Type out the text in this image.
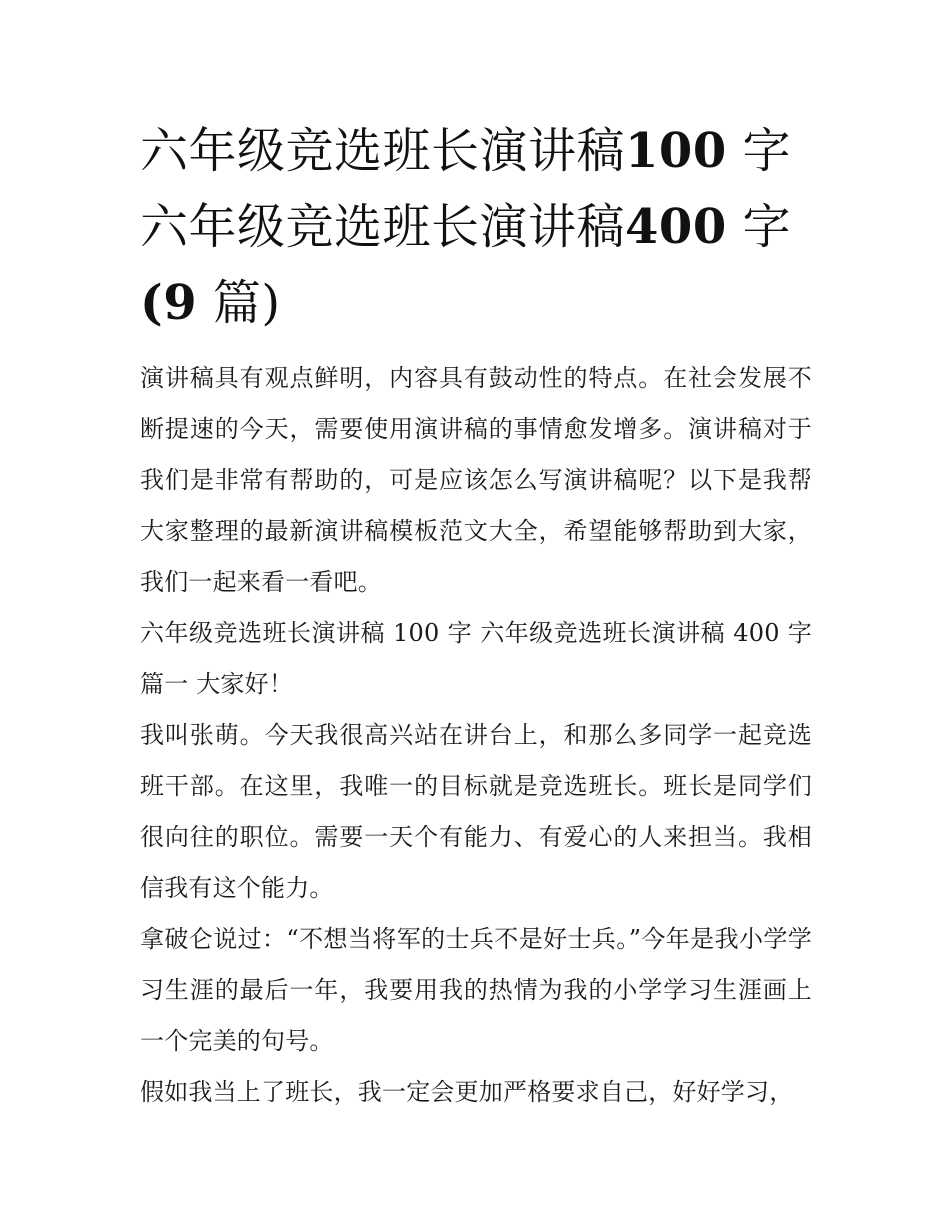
六年级竞选班长演讲稿100 字
六年级竞选班长演讲稿400 字
(9 篇)

演讲稿具有观点鲜明，内容具有鼓动性的特点。在社会发展不断提速的今天，需要使用演讲稿的事情愈发增多。演讲稿对于我们是非常有帮助的，可是应该怎么写演讲稿呢？以下是我帮大家整理的最新演讲稿模板范文大全，希望能够帮助到大家，我们一起来看一看吧。

六年级竞选班长演讲稿 100 字 六年级竞选班长演讲稿 400 字篇一 大家好！

我叫张萌。今天我很高兴站在讲台上，和那么多同学一起竞选班干部。在这里，我唯一的目标就是竞选班长。班长是同学们很向往的职位。需要一天个有能力、有爱心的人来担当。我相信我有这个能力。

拿破仑说过：“不想当将军的士兵不是好士兵。”今年是我小学学习生涯的最后一年，我要用我的热情为我的小学学习生涯画上一个完美的句号。

假如我当上了班长，我一定会更加严格要求自己，好好学习，
